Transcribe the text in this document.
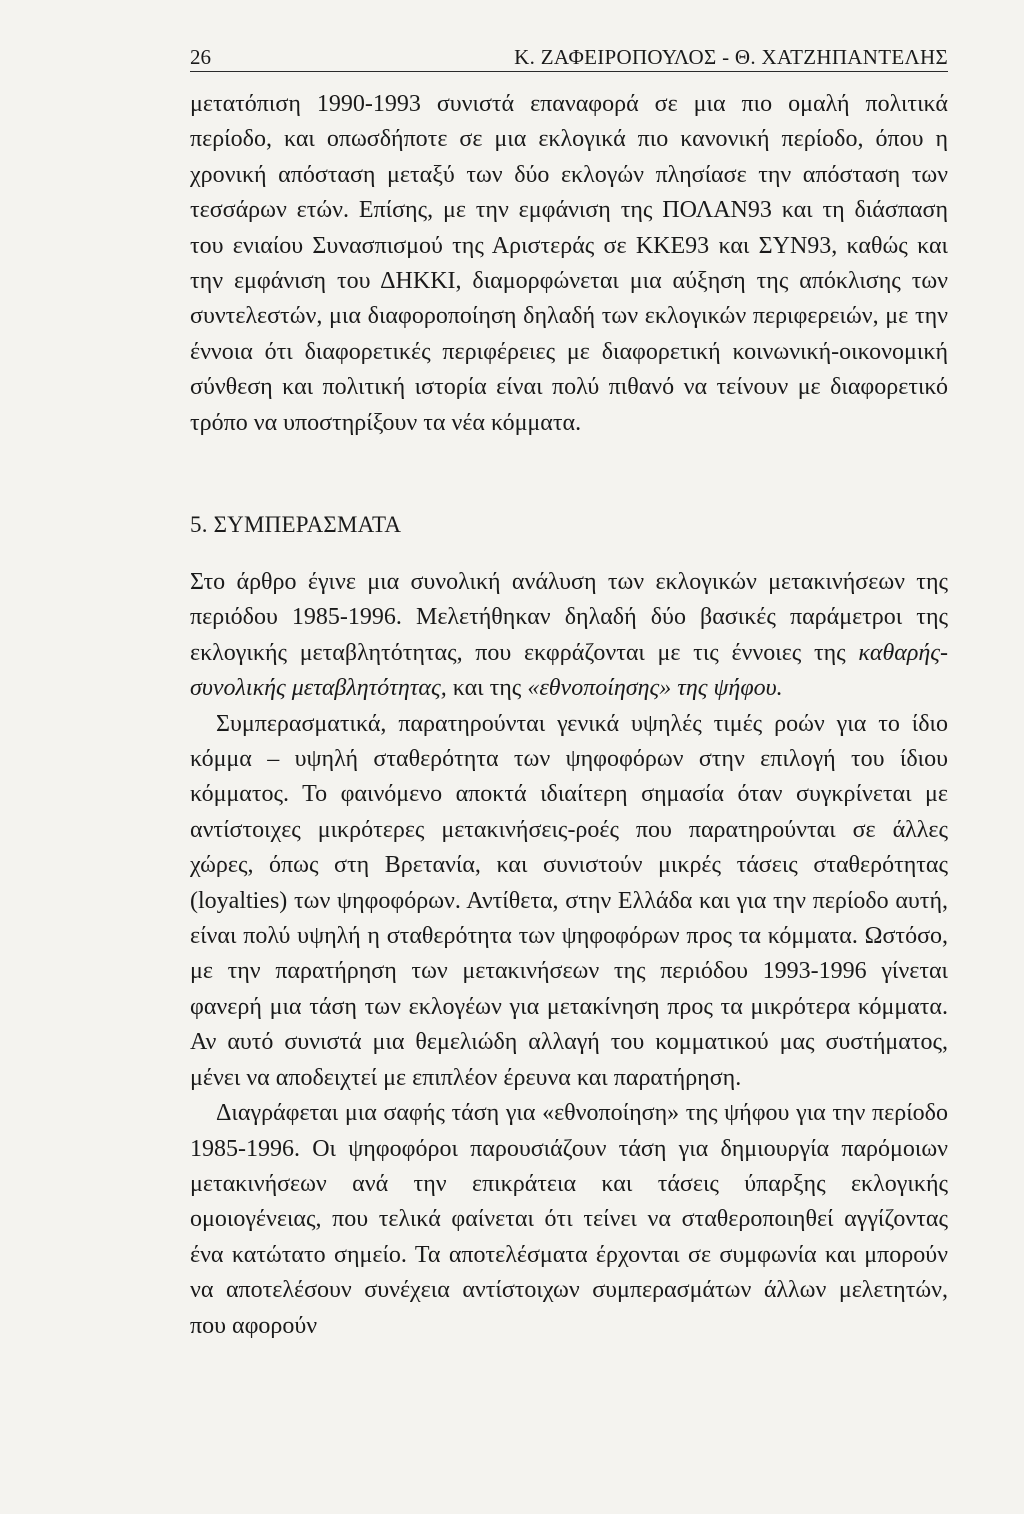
26	Κ. ΖΑΦΕΙΡΟΠΟΥΛΟΣ - Θ. ΧΑΤΖΗΠΑΝΤΕΛΗΣ

μετατόπιση 1990-1993 συνιστά επαναφορά σε μια πιο ομαλή πολιτικά περίοδο, και οπωσδήποτε σε μια εκλογικά πιο κανονική περίοδο, όπου η χρονική απόσταση μεταξύ των δύο εκλογών πλησίασε την απόσταση των τεσσάρων ετών. Επίσης, με την εμφάνιση της ΠΟΛΑΝ93 και τη διάσπαση του ενιαίου Συνασπισμού της Αριστεράς σε ΚΚΕ93 και ΣΥΝ93, καθώς και την εμφάνιση του ΔΗΚΚΙ, διαμορφώνεται μια αύξηση της απόκλισης των συντελεστών, μια διαφοροποίηση δηλαδή των εκλογικών περιφερειών, με την έννοια ότι διαφορετικές περιφέρειες με διαφορετική κοινωνική-οικονομική σύνθεση και πολιτική ιστορία είναι πολύ πιθανό να τείνουν με διαφορετικό τρόπο να υποστηρίξουν τα νέα κόμματα.

5. ΣΥΜΠΕΡΑΣΜΑΤΑ

Στο άρθρο έγινε μια συνολική ανάλυση των εκλογικών μετακινήσεων της περιόδου 1985-1996. Μελετήθηκαν δηλαδή δύο βασικές παράμετροι της εκλογικής μεταβλητότητας, που εκφράζονται με τις έννοιες της καθαρής-συνολικής μεταβλητότητας, και της «εθνοποίησης» της ψήφου.

Συμπερασματικά, παρατηρούνται γενικά υψηλές τιμές ροών για το ίδιο κόμμα – υψηλή σταθερότητα των ψηφοφόρων στην επιλογή του ίδιου κόμματος. Το φαινόμενο αποκτά ιδιαίτερη σημασία όταν συγκρίνεται με αντίστοιχες μικρότερες μετακινήσεις-ροές που παρατηρούνται σε άλλες χώρες, όπως στη Βρετανία, και συνιστούν μικρές τάσεις σταθερότητας (loyalties) των ψηφοφόρων. Αντίθετα, στην Ελλάδα και για την περίοδο αυτή, είναι πολύ υψηλή η σταθερότητα των ψηφοφόρων προς τα κόμματα. Ωστόσο, με την παρατήρηση των μετακινήσεων της περιόδου 1993-1996 γίνεται φανερή μια τάση των εκλογέων για μετακίνηση προς τα μικρότερα κόμματα. Αν αυτό συνιστά μια θεμελιώδη αλλαγή του κομματικού μας συστήματος, μένει να αποδειχτεί με επιπλέον έρευνα και παρατήρηση.

Διαγράφεται μια σαφής τάση για «εθνοποίηση» της ψήφου για την περίοδο 1985-1996. Οι ψηφοφόροι παρουσιάζουν τάση για δημιουργία παρόμοιων μετακινήσεων ανά την επικράτεια και τάσεις ύπαρξης εκλογικής ομοιογένειας, που τελικά φαίνεται ότι τείνει να σταθεροποιηθεί αγγίζοντας ένα κατώτατο σημείο. Τα αποτελέσματα έρχονται σε συμφωνία και μπορούν να αποτελέσουν συνέχεια αντίστοιχων συμπερασμάτων άλλων μελετητών, που αφορούν
